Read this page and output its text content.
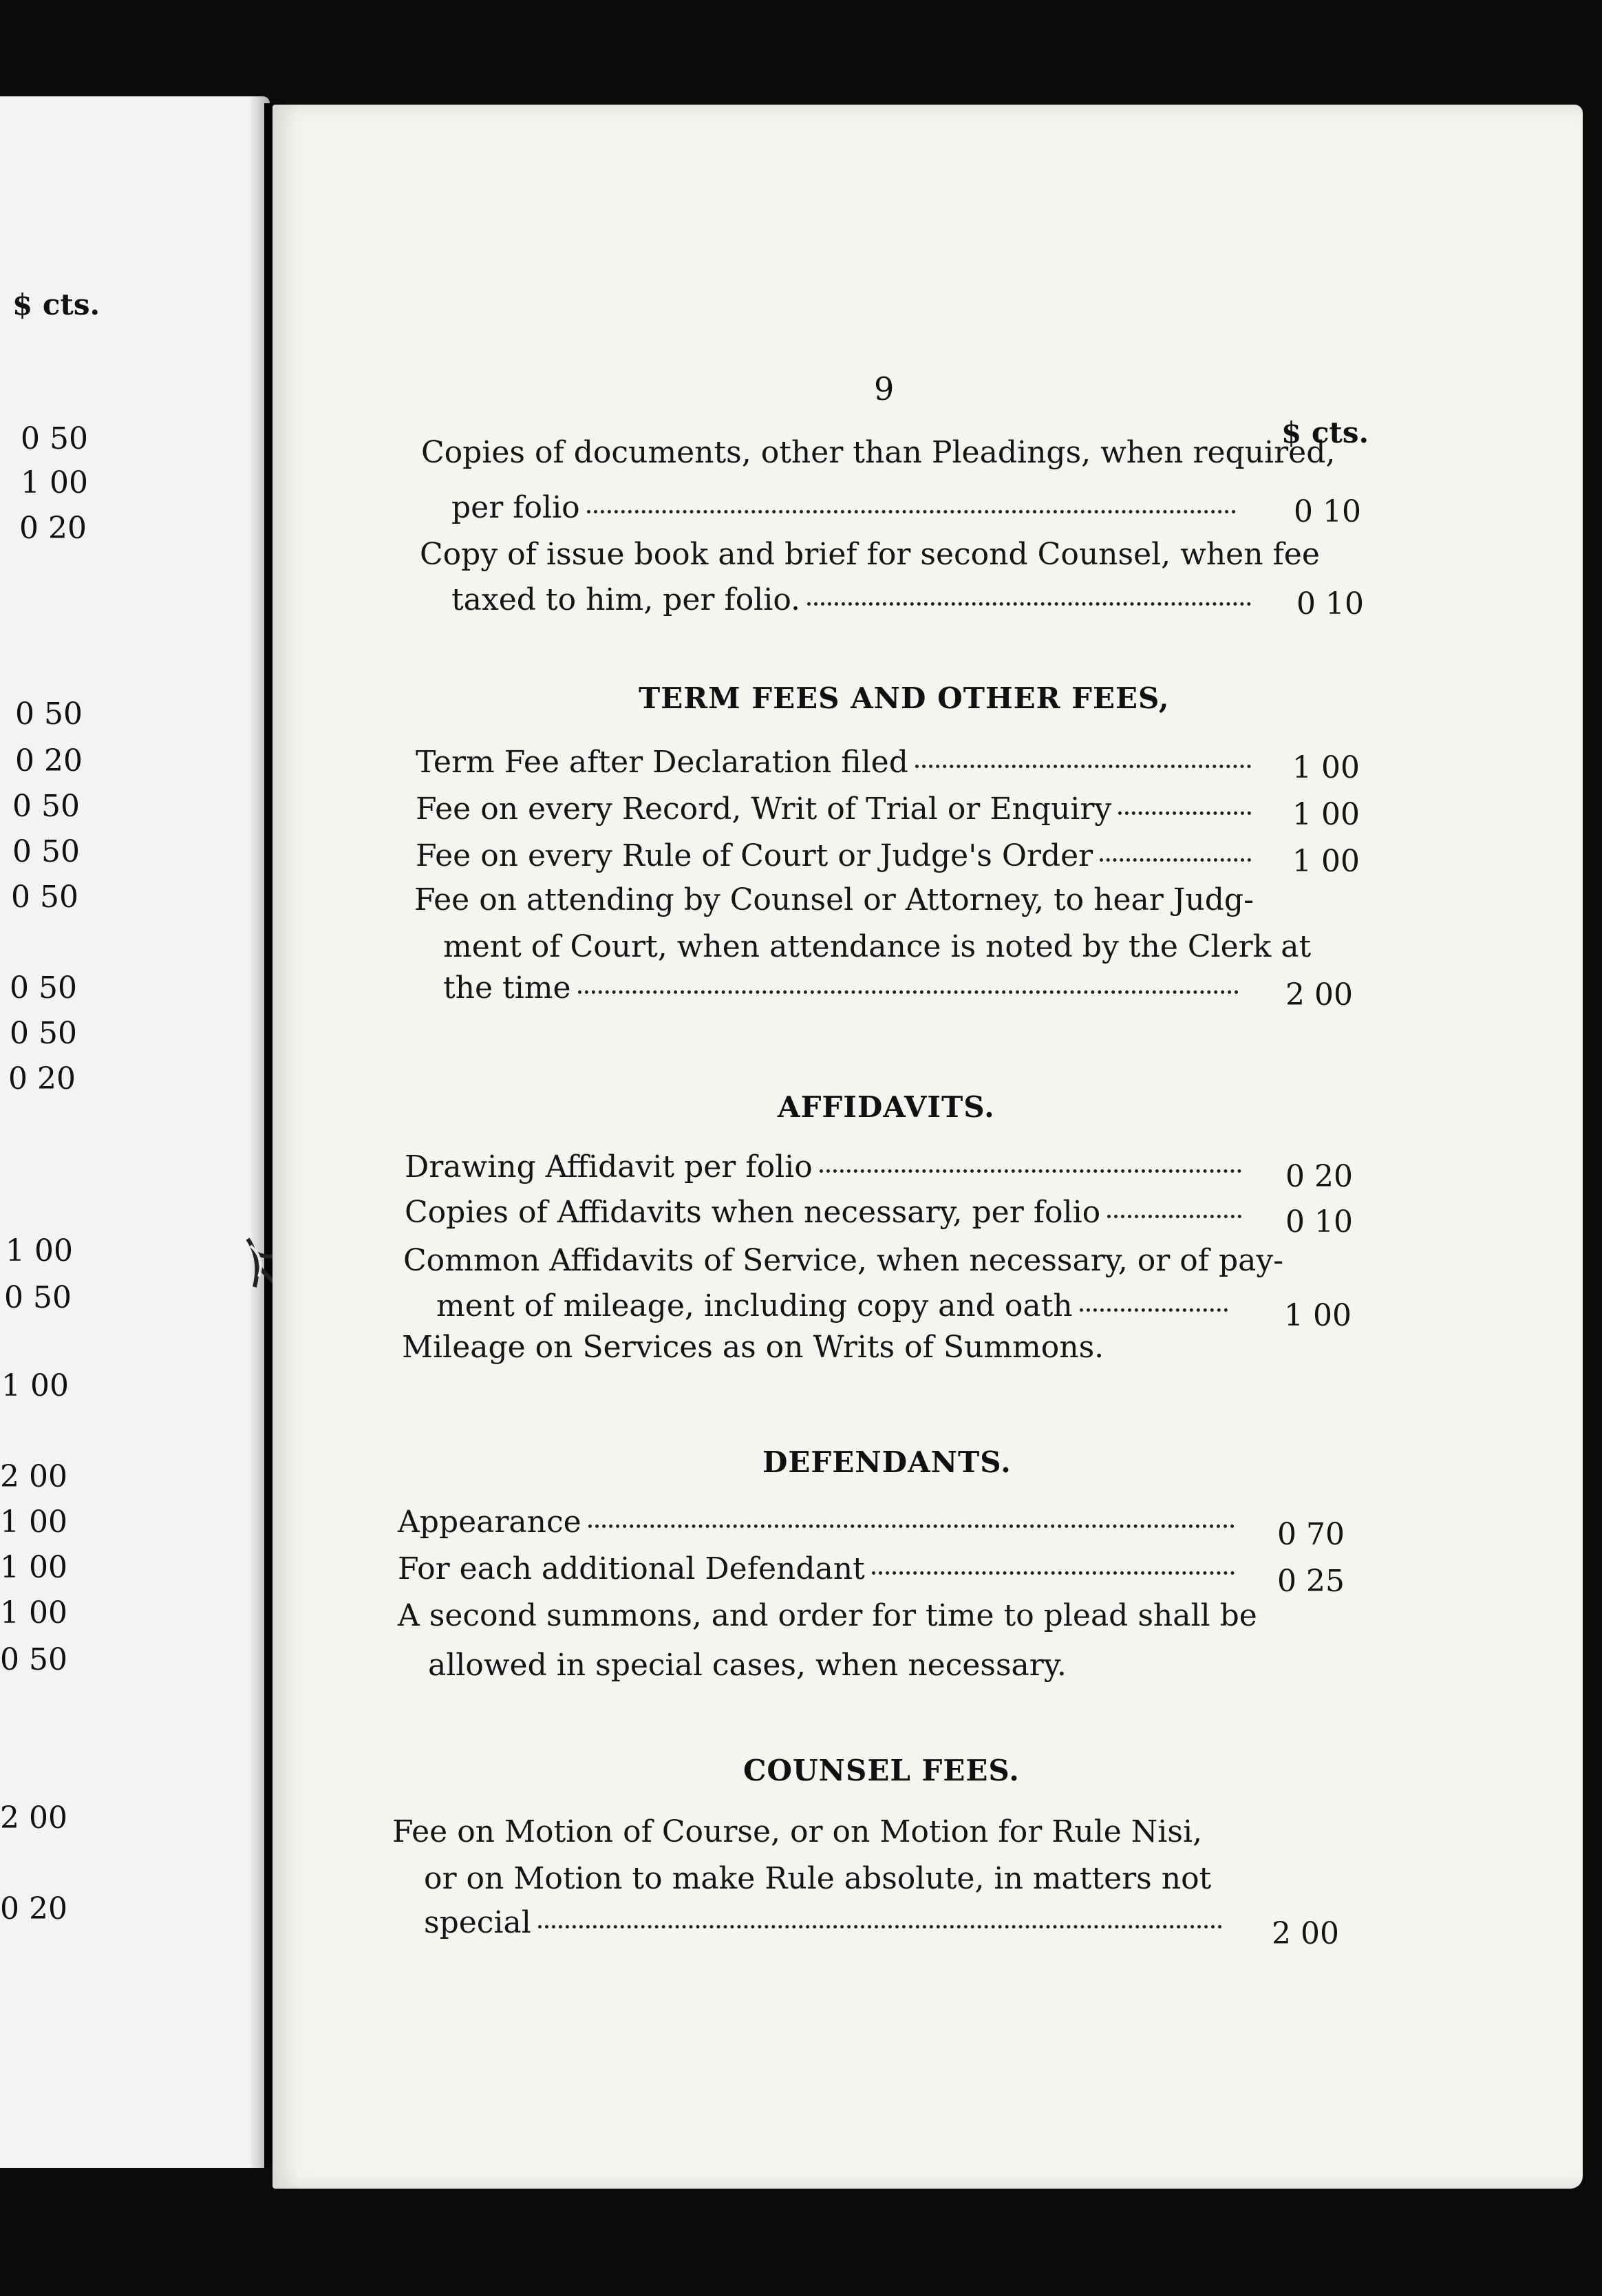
$ cts.
0 50
1 00
0 20
0 50
0 20
0 50
0 50
0 50
0 50
0 50
0 20
1 00
0 50
1 00
2 00
1 00
1 00
1 00
0 50
2 00
0 20
9
$ cts.
Copies of documents, other than Pleadings, when required,
per folio	0 10
Copy of issue book and brief for second Counsel, when fee
taxed to him, per folio.	0 10
TERM FEES AND OTHER FEES,
Term Fee after Declaration filed	1 00
Fee on every Record, Writ of Trial or Enquiry	1 00
Fee on every Rule of Court or Judge's Order	1 00
Fee on attending by Counsel or Attorney, to hear Judg-
ment of Court, when attendance is noted by the Clerk at
the time	2 00
AFFIDAVITS.
Drawing Affidavit per folio	0 20
Copies of Affidavits when necessary, per folio	0 10
Common Affidavits of Service, when necessary, or of pay-
ment of mileage, including copy and oath	1 00
Mileage on Services as on Writs of Summons.
DEFENDANTS.
Appearance	0 70
For each additional Defendant	0 25
A second summons, and order for time to plead shall be
allowed in special cases, when necessary.
COUNSEL FEES.
Fee on Motion of Course, or on Motion for Rule Nisi,
or on Motion to make Rule absolute, in matters not
special	2 00
